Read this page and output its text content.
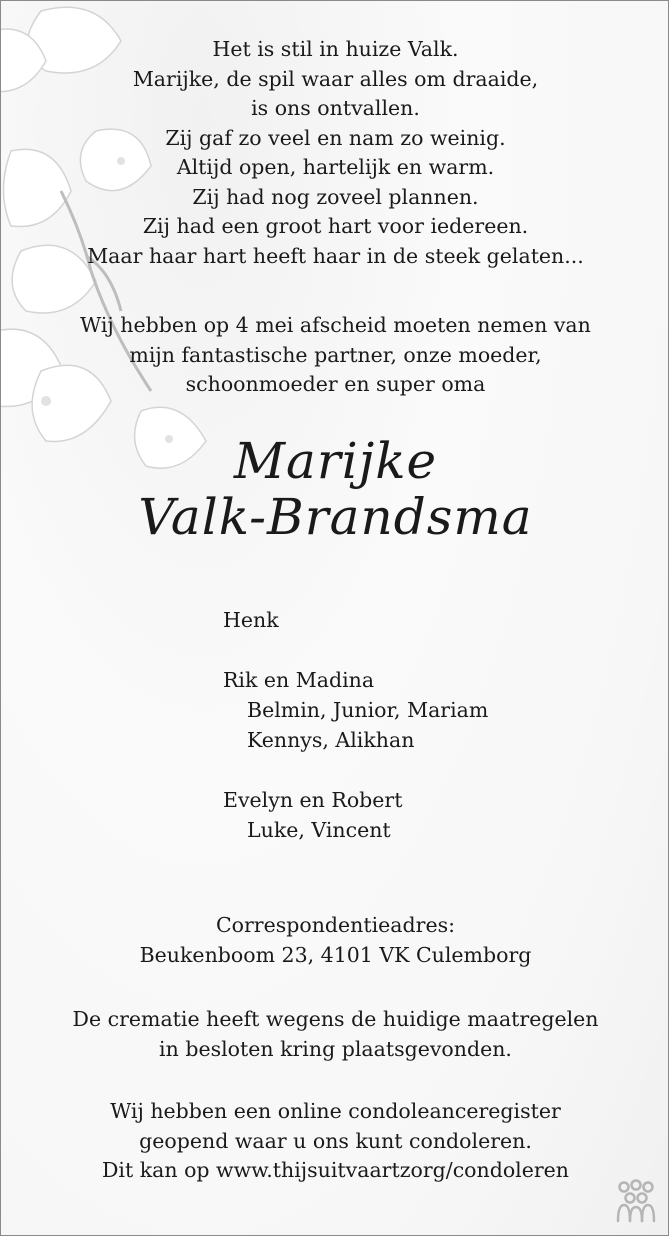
Het is stil in huize Valk.
Marijke, de spil waar alles om draaide,
is ons ontvallen.
Zij gaf zo veel en nam zo weinig.
Altijd open, hartelijk en warm.
Zij had nog zoveel plannen.
Zij had een groot hart voor iedereen.
Maar haar hart heeft haar in de steek gelaten...
Wij hebben op 4 mei afscheid moeten nemen van
mijn fantastische partner, onze moeder,
schoonmoeder en super oma
Marijke
Valk-Brandsma
Henk
Rik en Madina
Belmin, Junior, Mariam
Kennys, Alikhan
Evelyn en Robert
Luke, Vincent
Correspondentieadres:
Beukenboom 23, 4101 VK Culemborg
De crematie heeft wegens de huidige maatregelen
in besloten kring plaatsgevonden.
Wij hebben een online condoleanceregister
geopend waar u ons kunt condoleren.
Dit kan op www.thijsuitvaartzorg/condoleren
